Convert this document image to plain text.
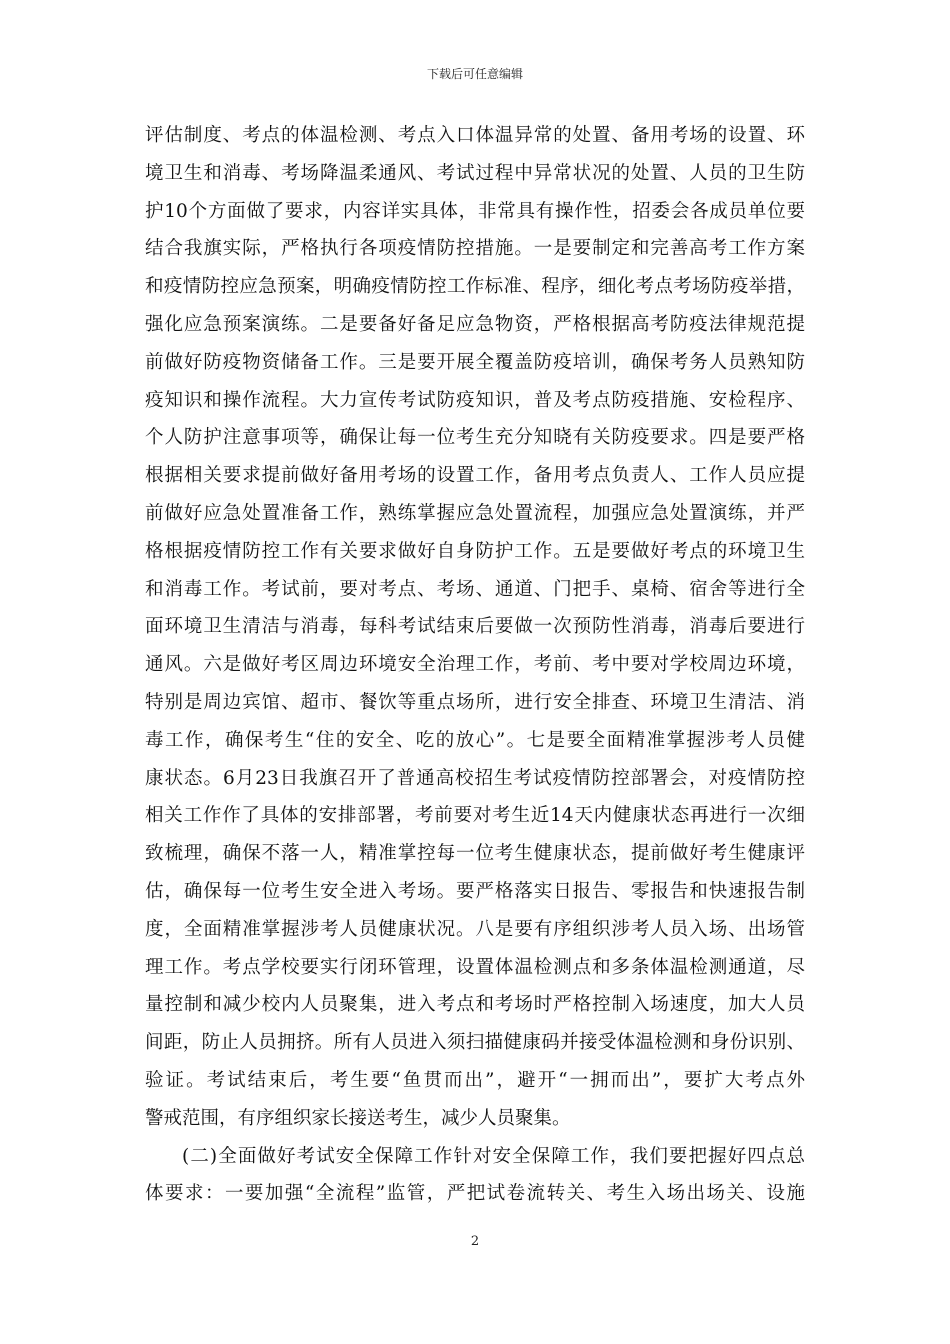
下载后可任意编辑
评估制度、考点的体温检测、考点入口体温异常的处置、备用考场的设置、环
境卫生和消毒、考场降温柔通风、考试过程中异常状况的处置、人员的卫生防
护10个方面做了要求，内容详实具体，非常具有操作性，招委会各成员单位要
结合我旗实际，严格执行各项疫情防控措施。一是要制定和完善高考工作方案
和疫情防控应急预案，明确疫情防控工作标准、程序，细化考点考场防疫举措，
强化应急预案演练。二是要备好备足应急物资，严格根据高考防疫法律规范提
前做好防疫物资储备工作。三是要开展全覆盖防疫培训，确保考务人员熟知防
疫知识和操作流程。大力宣传考试防疫知识，普及考点防疫措施、安检程序、
个人防护注意事项等，确保让每一位考生充分知晓有关防疫要求。四是要严格
根据相关要求提前做好备用考场的设置工作，备用考点负责人、工作人员应提
前做好应急处置准备工作，熟练掌握应急处置流程，加强应急处置演练，并严
格根据疫情防控工作有关要求做好自身防护工作。五是要做好考点的环境卫生
和消毒工作。考试前，要对考点、考场、通道、门把手、桌椅、宿舍等进行全
面环境卫生清洁与消毒，每科考试结束后要做一次预防性消毒，消毒后要进行
通风。六是做好考区周边环境安全治理工作，考前、考中要对学校周边环境，
特别是周边宾馆、超市、餐饮等重点场所，进行安全排查、环境卫生清洁、消
毒工作，确保考生“住的安全、吃的放心”。七是要全面精准掌握涉考人员健
康状态。6月23日我旗召开了普通高校招生考试疫情防控部署会，对疫情防控
相关工作作了具体的安排部署，考前要对考生近14天内健康状态再进行一次细
致梳理，确保不落一人，精准掌控每一位考生健康状态，提前做好考生健康评
估，确保每一位考生安全进入考场。要严格落实日报告、零报告和快速报告制
度，全面精准掌握涉考人员健康状况。八是要有序组织涉考人员入场、出场管
理工作。考点学校要实行闭环管理，设置体温检测点和多条体温检测通道，尽
量控制和减少校内人员聚集，进入考点和考场时严格控制入场速度，加大人员
间距，防止人员拥挤。所有人员进入须扫描健康码并接受体温检测和身份识别、
验证。考试结束后，考生要“鱼贯而出”，避开“一拥而出”，要扩大考点外
警戒范围，有序组织家长接送考生，减少人员聚集。
(二)全面做好考试安全保障工作针对安全保障工作，我们要把握好四点总
体要求：一要加强“全流程”监管，严把试卷流转关、考生入场出场关、设施
2
